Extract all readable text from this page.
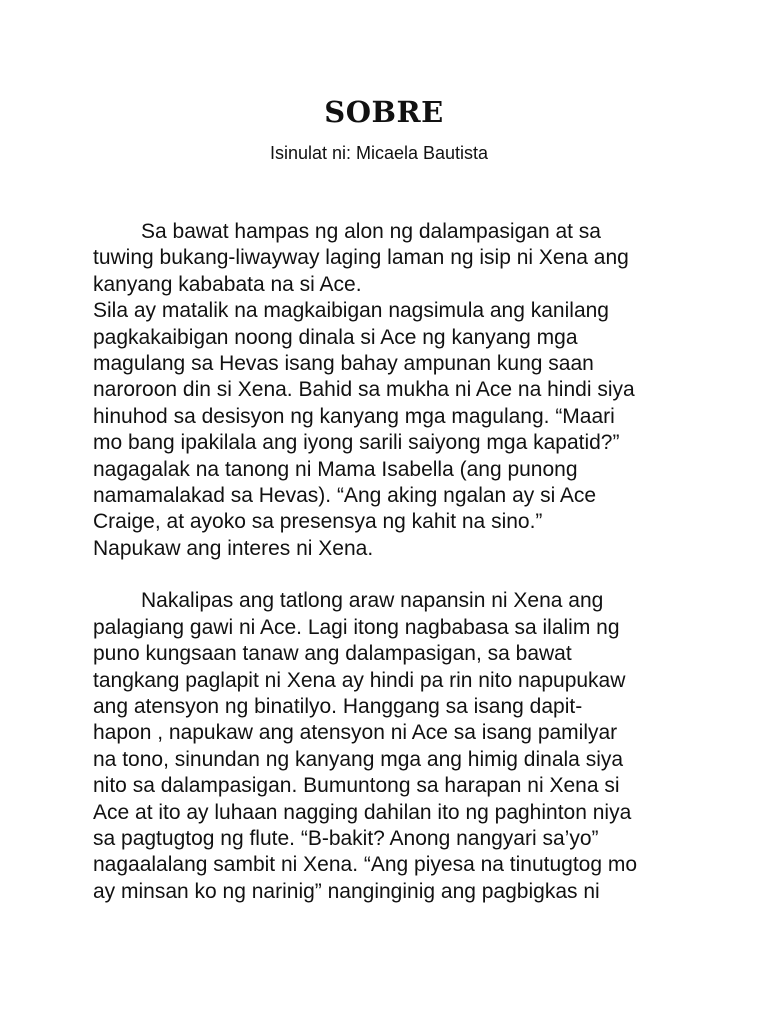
SOBRE

Isinulat ni: Micaela Bautista

Sa bawat hampas ng alon ng dalampasigan at sa
tuwing bukang-liwayway laging laman ng isip ni Xena ang
kanyang kababata na si Ace.
Sila ay matalik na magkaibigan nagsimula ang kanilang
pagkakaibigan noong dinala si Ace ng kanyang mga
magulang sa Hevas isang bahay ampunan kung saan
naroroon din si Xena. Bahid sa mukha ni Ace na hindi siya
hinuhod sa desisyon ng kanyang mga magulang. “Maari
mo bang ipakilala ang iyong sarili saiyong mga kapatid?”
nagagalak na tanong ni Mama Isabella (ang punong
namamalakad sa Hevas). “Ang aking ngalan ay si Ace
Craige, at ayoko sa presensya ng kahit na sino.”
Napukaw ang interes ni Xena.
Nakalipas ang tatlong araw napansin ni Xena ang
palagiang gawi ni Ace. Lagi itong nagbabasa sa ilalim ng
puno kungsaan tanaw ang dalampasigan, sa bawat
tangkang paglapit ni Xena ay hindi pa rin nito napupukaw
ang atensyon ng binatilyo. Hanggang sa isang dapit-
hapon , napukaw ang atensyon ni Ace sa isang pamilyar
na tono, sinundan ng kanyang mga ang himig dinala siya
nito sa dalampasigan. Bumuntong sa harapan ni Xena si
Ace at ito ay luhaan nagging dahilan ito ng paghinton niya
sa pagtugtog ng flute. “B-bakit? Anong nangyari sa’yo”
nagaalalang sambit ni Xena. “Ang piyesa na tinutugtog mo
ay minsan ko ng narinig” nanginginig ang pagbigkas ni
